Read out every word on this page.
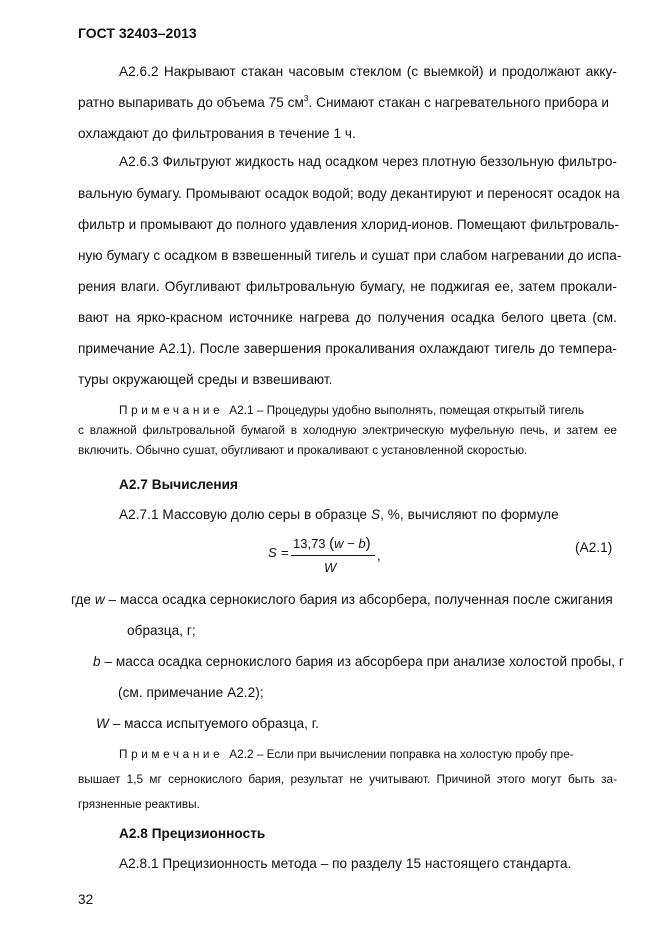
ГОСТ 32403–2013
А2.6.2 Накрывают стакан часовым стеклом (с выемкой) и продолжают акку-
ратно выпаривать до объема 75 $см^3$. Снимают стакан с нагревательного прибора и
охлаждают до фильтрования в течение 1 ч.
А2.6.3 Фильтруют жидкость над осадком через плотную беззольную фильтро-
вальную бумагу. Промывают осадок водой; воду декантируют и переносят осадок на
фильтр и промывают до полного удавления хлорид-ионов. Помещают фильтроваль-
ную бумагу с осадком в взвешенный тигель и сушат при слабом нагревании до испа-
рения влаги. Обугливают фильтровальную бумагу, не поджигая ее, затем прокали-
вают на ярко-красном источнике нагрева до получения осадка белого цвета (см.
примечание А2.1). После завершения прокаливания охлаждают тигель до темпера-
туры окружающей среды и взвешивают.
Примечание А2.1 – Процедуры удобно выполнять, помещая открытый тигель
с влажной фильтровальной бумагой в холодную электрическую муфельную печь, и затем ее
включить. Обычно сушат, обугливают и прокаливают с установленной скоростью.
А2.7 Вычисления
А2.7.1 Массовую долю серы в образце S, %, вычисляют по формуле
S =
13,73 (w − b)
W
,
(А2.1)
где w – масса осадка сернокислого бария из абсорбера, полученная после сжигания
образца, г;
b – масса осадка сернокислого бария из абсорбера при анализе холостой пробы, г
(см. примечание А2.2);
W – масса испытуемого образца, г.
Примечание А2.2 – Если при вычислении поправка на холостую пробу пре-
вышает 1,5 мг сернокислого бария, результат не учитывают. Причиной этого могут быть за-
грязненные реактивы.
А2.8 Прецизионность
А2.8.1 Прецизионность метода – по разделу 15 настоящего стандарта.
32
